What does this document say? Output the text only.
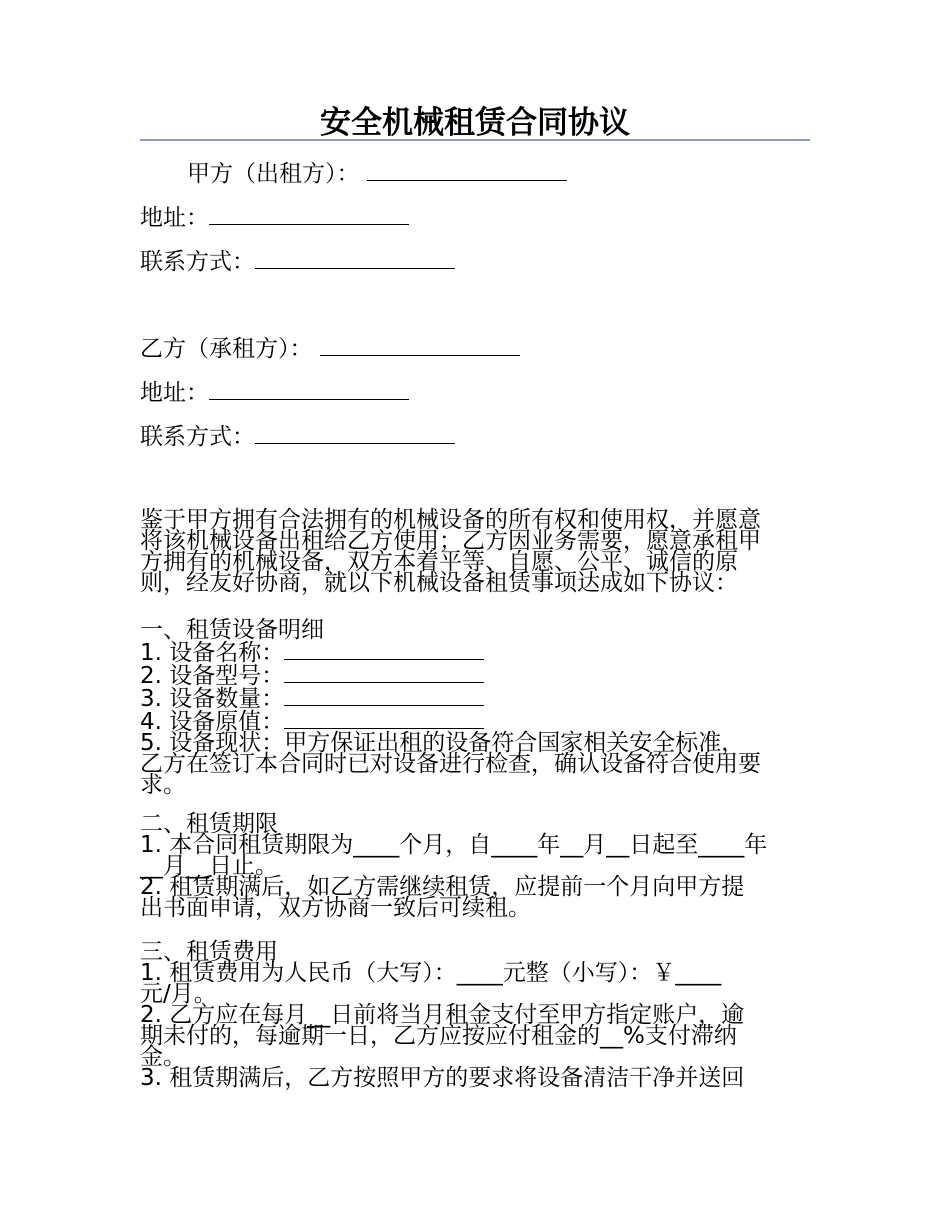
安全机械租赁合同协议
甲方（出租方）：
地址：
联系方式：
乙方（承租方）：
地址：
联系方式：

鉴于甲方拥有合法拥有的机械设备的所有权和使用权，并愿意

将该机械设备出租给乙方使用；乙方因业务需要，愿意承租甲

方拥有的机械设备，双方本着平等、自愿、公平、诚信的原

则，经友好协商，就以下机械设备租赁事项达成如下协议：

一、租赁设备明细

1. 设备名称：

2. 设备型号：

3. 设备数量：

4. 设备原值：

5. 设备现状：甲方保证出租的设备符合国家相关安全标准，

乙方在签订本合同时已对设备进行检查，确认设备符合使用要

求。

二、租赁期限

1. 本合同租赁期限为____个月，自____年__月__日起至____年

__月__日止。

2. 租赁期满后，如乙方需继续租赁，应提前一个月向甲方提

出书面申请，双方协商一致后可续租。

三、租赁费用

1. 租赁费用为人民币（大写）：____元整（小写）：￥____

元/月。

2. 乙方应在每月__日前将当月租金支付至甲方指定账户，逾

期未付的，每逾期一日，乙方应按应付租金的__%支付滞纳

金。

3. 租赁期满后，乙方按照甲方的要求将设备清洁干净并送回
